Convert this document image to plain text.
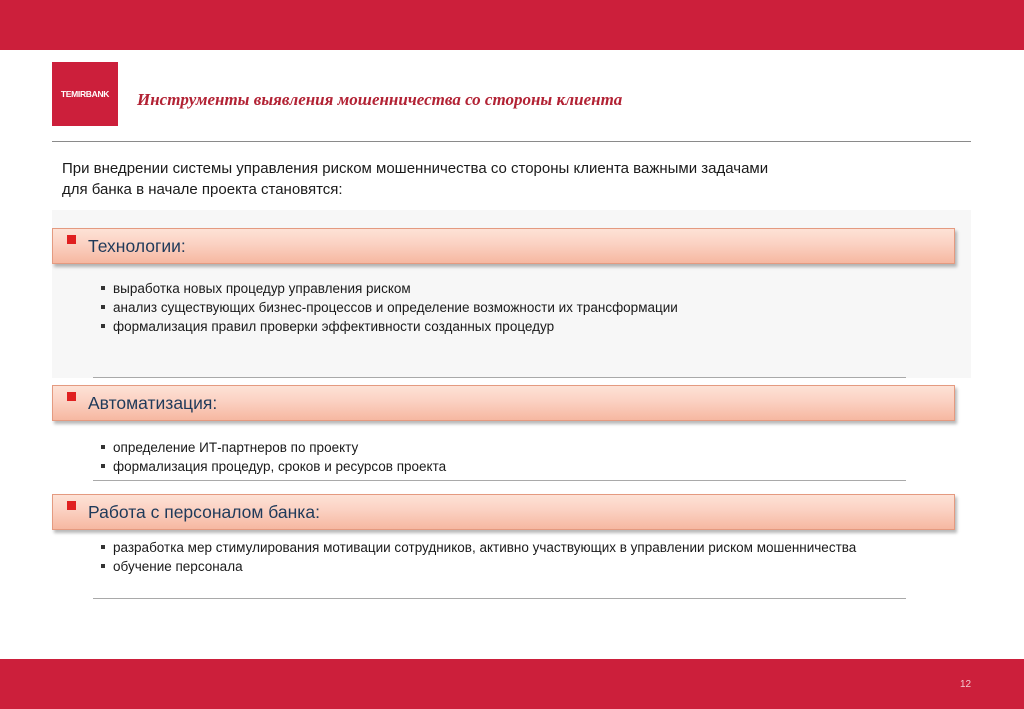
TEMIRBANK Инструменты выявления мошенничества со стороны клиента
При внедрении системы управления риском мошенничества со стороны клиента важными задачами
для банка в начале проекта становятся:
Технологии:
выработка новых процедур управления риском
анализ существующих бизнес-процессов и определение возможности их трансформации
формализация правил проверки эффективности созданных процедур
Автоматизация:
определение ИТ-партнеров по проекту
формализация процедур, сроков и ресурсов проекта
Работа с персоналом банка:
разработка мер стимулирования мотивации сотрудников, активно участвующих в управлении риском мошенничества
обучение персонала
12
